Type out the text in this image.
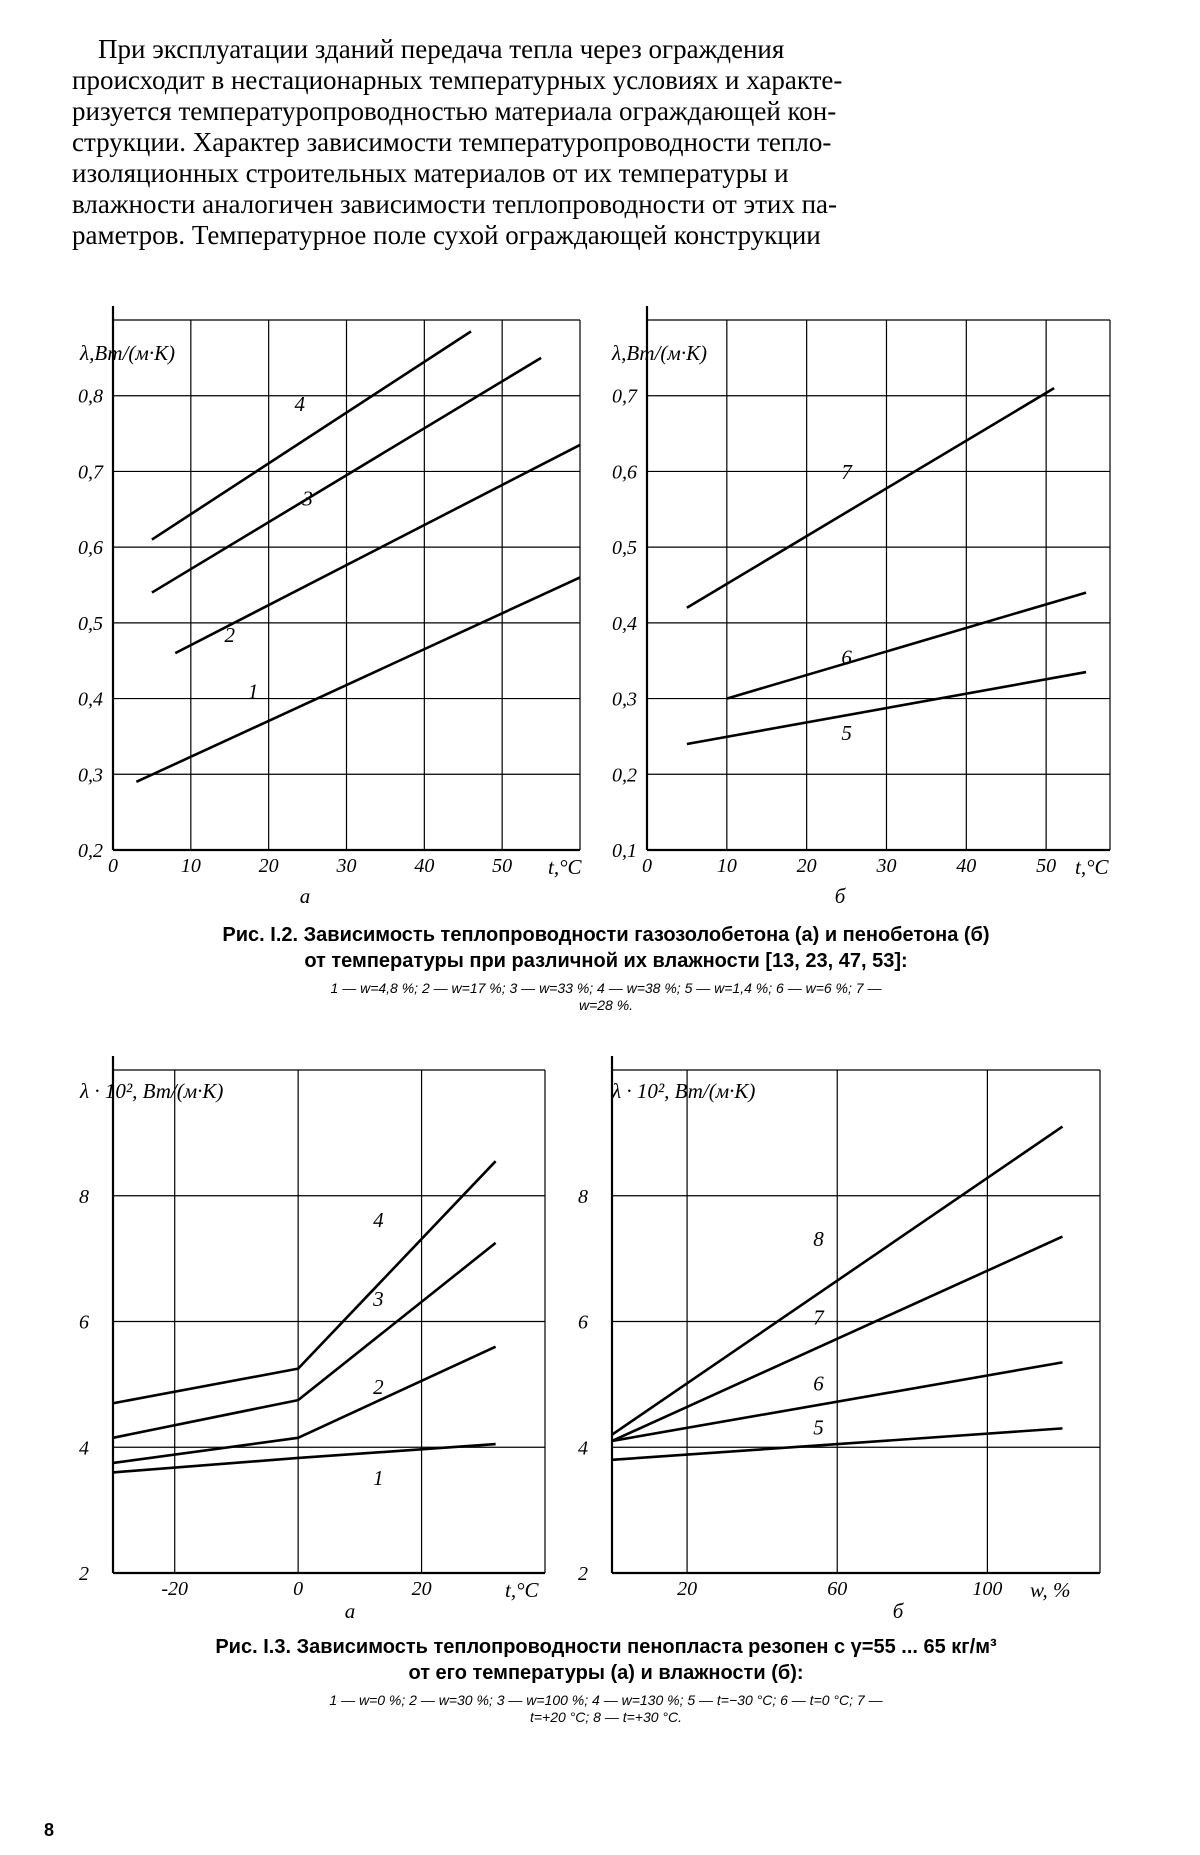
При эксплуатации зданий передача тепла через ограждения
происходит в нестационарных температурных условиях и характе-
ризуется температуропроводностью материала ограждающей кон-
струкции. Характер зависимости температуропроводности тепло-
изоляционных строительных материалов от их температуры и
влажности аналогичен зависимости теплопроводности от этих па-
раметров. Температурное поле сухой ограждающей конструкции
0	10	20	30	40	50
0,2
0,3
0,4
0,5
0,6
0,7
0,8
t,°C
λ,Вт/(м·К)
а
1
2
3
4
0	10	20	30	40	50
0,1
0,2
0,3
0,4
0,5
0,6
0,7
t,°C
λ,Вт/(м·К)
б
5
6
7
Рис. I.2. Зависимость теплопроводности газозолобетона (а) и пенобетона (б)
от температуры при различной их влажности [13, 23, 47, 53]:
1 — w=4,8 %; 2 — w=17 %; 3 — w=33 %; 4 — w=38 %; 5 — w=1,4 %; 6 — w=6 %; 7 —
w=28 %.
-20	0	20
2
4
6
8
t,°C
λ · 10², Вт/(м·К)
а
1
2
3
4
20	60	100
2
4
6
8
w, %
λ · 10², Вт/(м·К)
б
5
6
7
8
Рис. I.3. Зависимость теплопроводности пенопласта резопен с γ=55 ... 65 кг/м³
от его температуры (а) и влажности (б):
1 — w=0 %; 2 — w=30 %; 3 — w=100 %; 4 — w=130 %; 5 — t=−30 °C; 6 — t=0 °C; 7 —
t=+20 °C; 8 — t=+30 °C.
8
